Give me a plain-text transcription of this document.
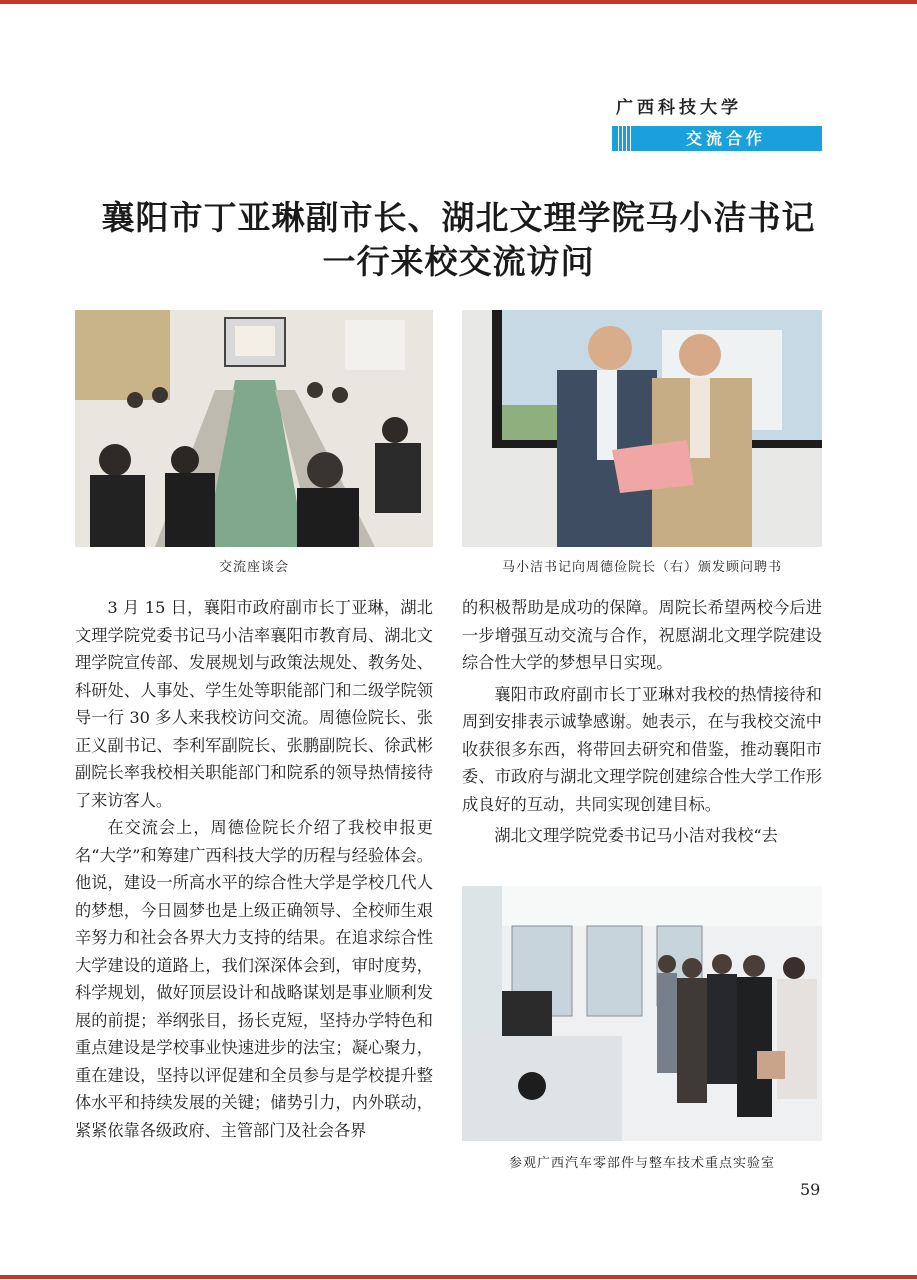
广西科技大学
交流合作
襄阳市丁亚琳副市长、湖北文理学院马小洁书记
一行来校交流访问
交流座谈会	马小洁书记向周德俭院长（右）颁发顾问聘书

3 月 15 日，襄阳市政府副市长丁亚琳，湖北文理学院党委书记马小洁率襄阳市教育局、湖北文理学院宣传部、发展规划与政策法规处、教务处、科研处、人事处、学生处等职能部门和二级学院领导一行 30 多人来我校访问交流。周德俭院长、张正义副书记、李利军副院长、张鹏副院长、徐武彬副院长率我校相关职能部门和院系的领导热情接待了来访客人。

在交流会上，周德俭院长介绍了我校申报更名“大学”和筹建广西科技大学的历程与经验体会。他说，建设一所高水平的综合性大学是学校几代人的梦想，今日圆梦也是上级正确领导、全校师生艰辛努力和社会各界大力支持的结果。在追求综合性大学建设的道路上，我们深深体会到，审时度势，科学规划，做好顶层设计和战略谋划是事业顺利发展的前提；举纲张目，扬长克短，坚持办学特色和重点建设是学校事业快速进步的法宝；凝心聚力，重在建设，坚持以评促建和全员参与是学校提升整体水平和持续发展的关键；储势引力，内外联动，紧紧依靠各级政府、主管部门及社会各界

的积极帮助是成功的保障。周院长希望两校今后进一步增强互动交流与合作，祝愿湖北文理学院建设综合性大学的梦想早日实现。

襄阳市政府副市长丁亚琳对我校的热情接待和周到安排表示诚挚感谢。她表示，在与我校交流中收获很多东西，将带回去研究和借鉴，推动襄阳市委、市政府与湖北文理学院创建综合性大学工作形成良好的互动，共同实现创建目标。

湖北文理学院党委书记马小洁对我校“去

参观广西汽车零部件与整车技术重点实验室
59
